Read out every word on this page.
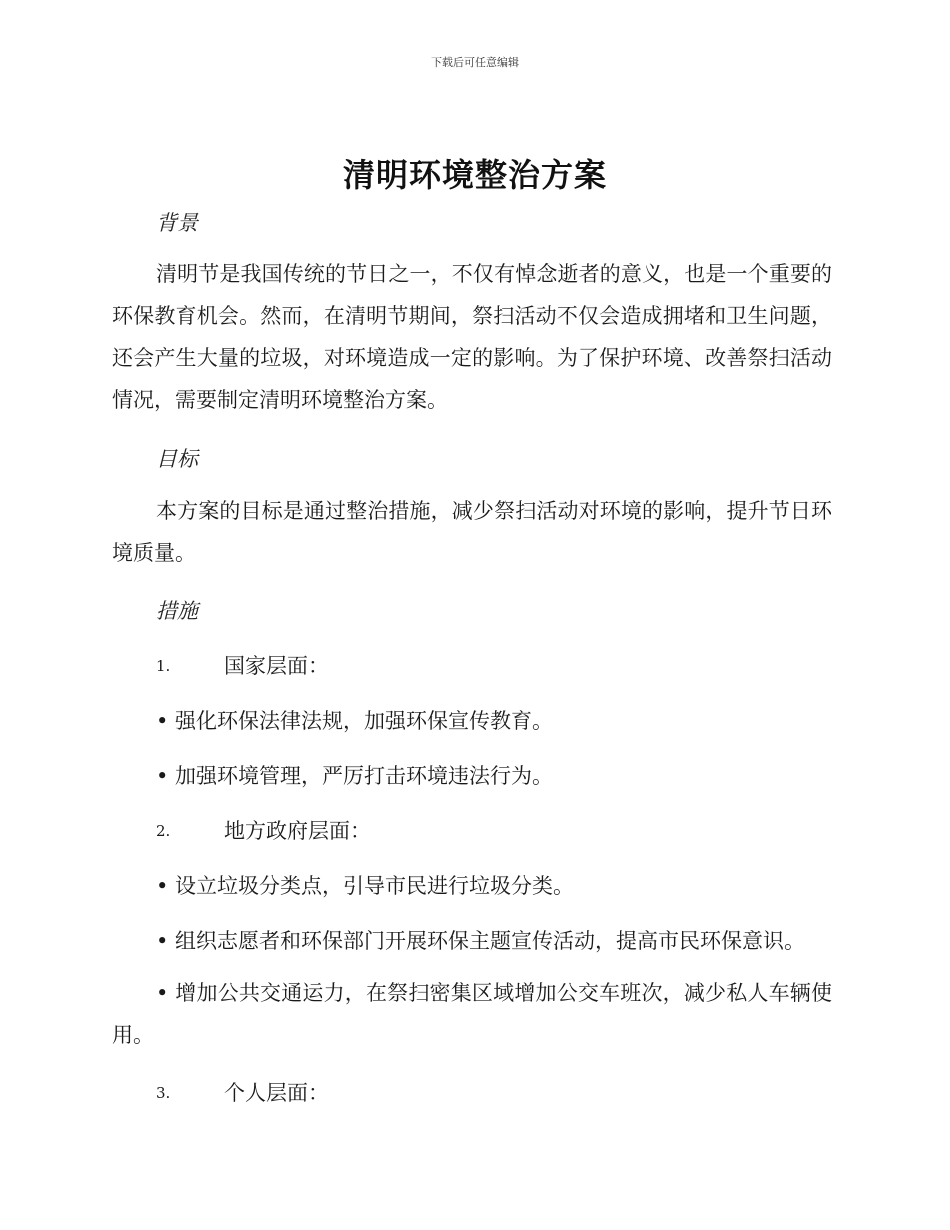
下载后可任意编辑
清明环境整治方案
背景

清明节是我国传统的节日之一，不仅有悼念逝者的意义，也是一个重要的环保教育机会。然而，在清明节期间，祭扫活动不仅会造成拥堵和卫生问题，还会产生大量的垃圾，对环境造成一定的影响。为了保护环境、改善祭扫活动情况，需要制定清明环境整治方案。

目标

本方案的目标是通过整治措施，减少祭扫活动对环境的影响，提升节日环境质量。

措施
1.	国家层面：
• 强化环保法律法规，加强环保宣传教育。
• 加强环境管理，严厉打击环境违法行为。
2.	地方政府层面：
• 设立垃圾分类点，引导市民进行垃圾分类。
• 组织志愿者和环保部门开展环保主题宣传活动，提高市民环保意识。

• 增加公共交通运力，在祭扫密集区域增加公交车班次，减少私人车辆使用。

3.	个人层面：
